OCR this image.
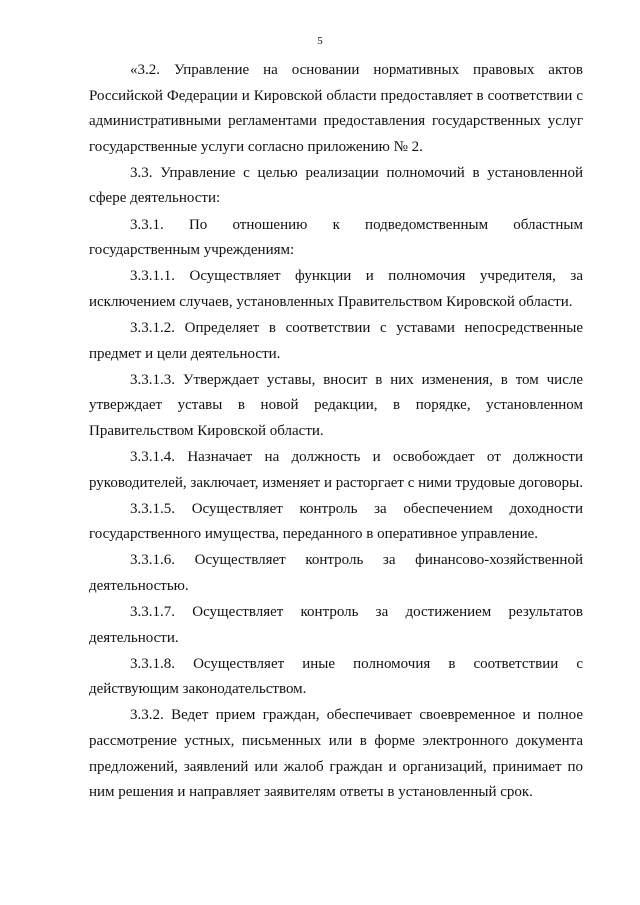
5

«3.2. Управление на основании нормативных правовых актов Российской Федерации и Кировской области предоставляет в соответствии с административными регламентами предоставления государственных услуг государственные услуги согласно приложению № 2.

3.3. Управление с целью реализации полномочий в установленной сфере деятельности:

3.3.1. По отношению к подведомственным областным государственным учреждениям:

3.3.1.1. Осуществляет функции и полномочия учредителя, за исключением случаев, установленных Правительством Кировской области.

3.3.1.2. Определяет в соответствии с уставами непосредственные предмет и цели деятельности.

3.3.1.3. Утверждает уставы, вносит в них изменения, в том числе утверждает уставы в новой редакции, в порядке, установленном Правительством Кировской области.

3.3.1.4. Назначает на должность и освобождает от должности руководителей, заключает, изменяет и расторгает с ними трудовые договоры.

3.3.1.5. Осуществляет контроль за обеспечением доходности государственного имущества, переданного в оперативное управление.

3.3.1.6. Осуществляет контроль за финансово-хозяйственной деятельностью.

3.3.1.7. Осуществляет контроль за достижением результатов деятельности.

3.3.1.8. Осуществляет иные полномочия в соответствии с действующим законодательством.

3.3.2. Ведет прием граждан, обеспечивает своевременное и полное рассмотрение устных, письменных или в форме электронного документа предложений, заявлений или жалоб граждан и организаций, принимает по ним решения и направляет заявителям ответы в установленный срок.
